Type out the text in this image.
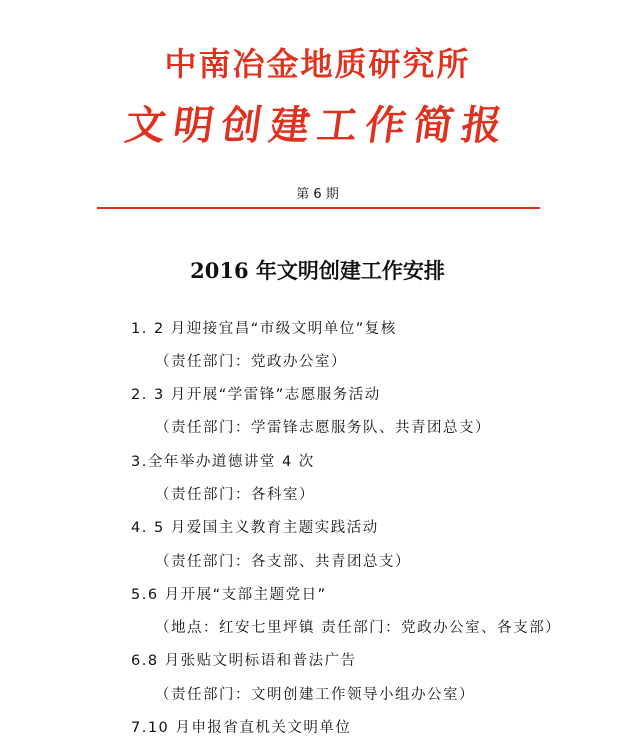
中南冶金地质研究所
文明创建工作简报
第 6 期
2016 年文明创建工作安排
1. 2 月迎接宜昌“市级文明单位”复核
（责任部门：党政办公室）
2. 3 月开展“学雷锋”志愿服务活动
（责任部门：学雷锋志愿服务队、共青团总支）
3.全年举办道德讲堂 4 次
（责任部门：各科室）
4. 5 月爱国主义教育主题实践活动
（责任部门：各支部、共青团总支）
5.6 月开展“支部主题党日”
（地点：红安七里坪镇 责任部门：党政办公室、各支部）
6.8 月张贴文明标语和普法广告
（责任部门：文明创建工作领导小组办公室）
7.10 月申报省直机关文明单位
